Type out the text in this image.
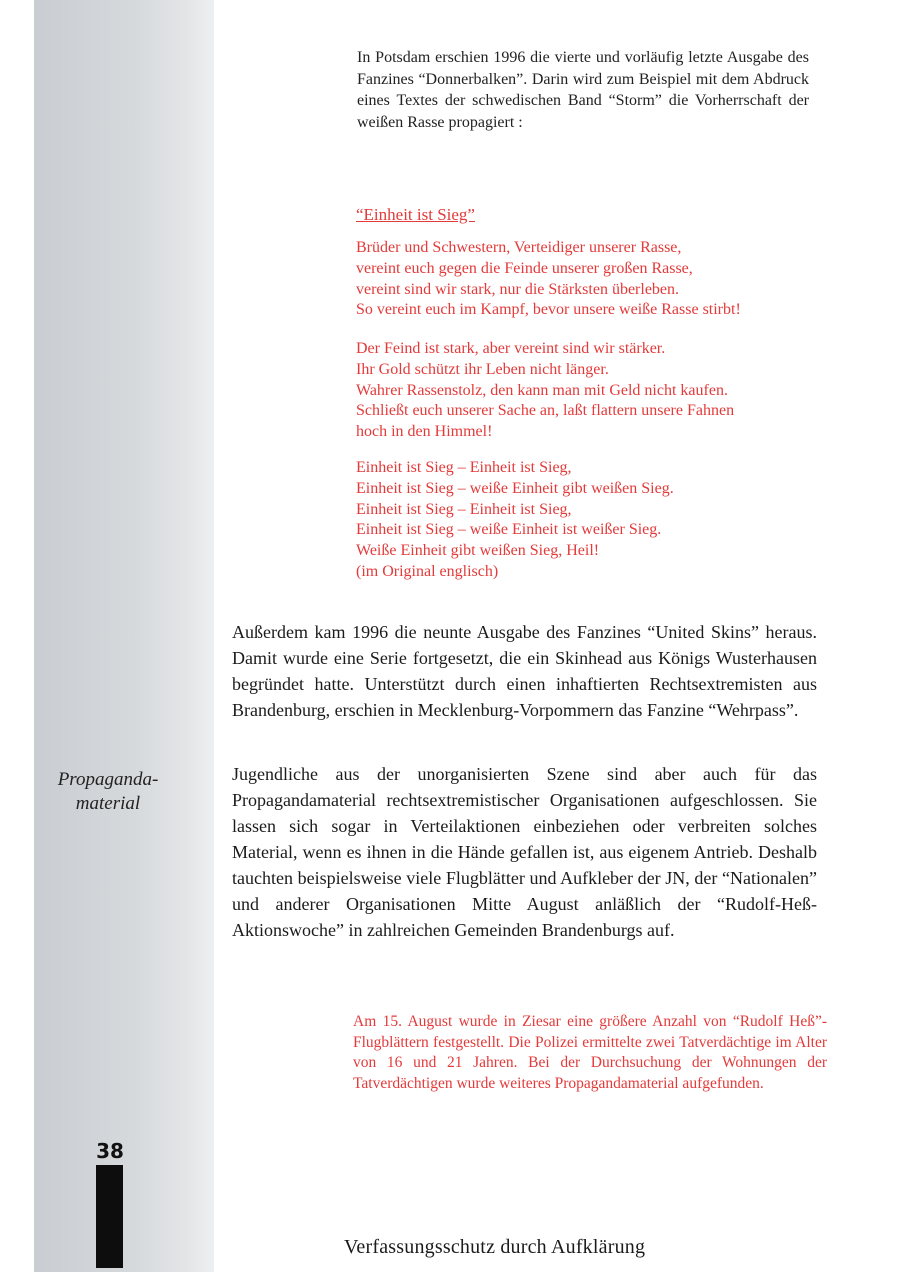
Propaganda-
material
38

In Potsdam erschien 1996 die vierte und vorläufig letzte Ausgabe des Fanzines “Donnerbalken”. Darin wird zum Beispiel mit dem Abdruck eines Textes der schwedischen Band “Storm” die Vorherrschaft der weißen Rasse propagiert :

“Einheit ist Sieg”

Brüder und Schwestern, Verteidiger unserer Rasse,
vereint euch gegen die Feinde unserer großen Rasse,
vereint sind wir stark, nur die Stärksten überleben.
So vereint euch im Kampf, bevor unsere weiße Rasse stirbt!

Der Feind ist stark, aber vereint sind wir stärker.
Ihr Gold schützt ihr Leben nicht länger.
Wahrer Rassenstolz, den kann man mit Geld nicht kaufen.
Schließt euch unserer Sache an, laßt flattern unsere Fahnen
hoch in den Himmel!

Einheit ist Sieg – Einheit ist Sieg,
Einheit ist Sieg – weiße Einheit gibt weißen Sieg.
Einheit ist Sieg – Einheit ist Sieg,
Einheit ist Sieg – weiße Einheit ist weißer Sieg.
Weiße Einheit gibt weißen Sieg, Heil!
(im Original englisch)

Außerdem kam 1996 die neunte Ausgabe des Fanzines “United Skins” heraus. Damit wurde eine Serie fortgesetzt, die ein Skinhead aus Königs Wusterhausen begründet hatte. Unterstützt durch einen inhaftierten Rechtsextremisten aus Brandenburg, erschien in Mecklenburg-Vorpommern das Fanzine “Wehrpass”.

Jugendliche aus der unorganisierten Szene sind aber auch für das Propagandamaterial rechtsextremistischer Organisationen aufgeschlossen. Sie lassen sich sogar in Verteilaktionen einbeziehen oder verbreiten solches Material, wenn es ihnen in die Hände gefallen ist, aus eigenem Antrieb. Deshalb tauchten beispielsweise viele Flugblätter und Aufkleber der JN, der “Nationalen” und anderer Organisationen Mitte August anläßlich der “Rudolf-Heß-Aktionswoche” in zahlreichen Gemeinden Brandenburgs auf.

Am 15. August wurde in Ziesar eine größere Anzahl von “Rudolf Heß”-Flugblättern festgestellt. Die Polizei ermittelte zwei Tatverdächtige im Alter von 16 und 21 Jahren. Bei der Durchsuchung der Wohnungen der Tatverdächtigen wurde weiteres Propagandamaterial aufgefunden.

Verfassungsschutz durch Aufklärung
